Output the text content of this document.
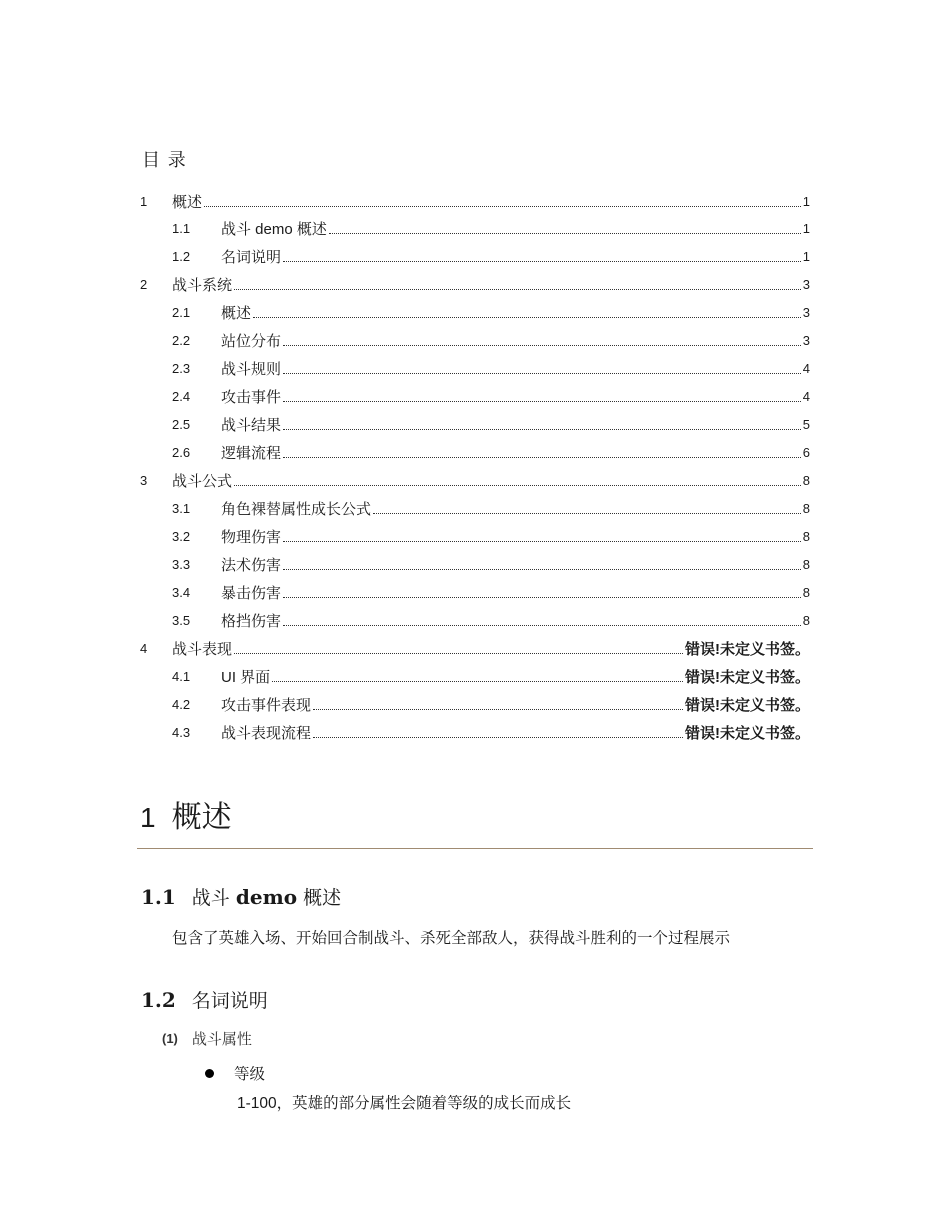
目 录
1	概述	1
1.1	战斗 demo 概述	1
1.2	名词说明	1
2	战斗系统	3
2.1	概述	3
2.2	站位分布	3
2.3	战斗规则	4
2.4	攻击事件	4
2.5	战斗结果	5
2.6	逻辑流程	6
3	战斗公式	8
3.1	角色裸替属性成长公式	8
3.2	物理伤害	8
3.3	法术伤害	8
3.4	暴击伤害	8
3.5	格挡伤害	8
4	战斗表现	错误!未定义书签。
4.1	UI 界面	错误!未定义书签。
4.2	攻击事件表现	错误!未定义书签。
4.3	战斗表现流程	错误!未定义书签。
1 概述
1.1 战斗 demo 概述
包含了英雄入场、开始回合制战斗、杀死全部敌人，获得战斗胜利的一个过程展示
1.2 名词说明
(1) 战斗属性
等级
1-100，英雄的部分属性会随着等级的成长而成长
